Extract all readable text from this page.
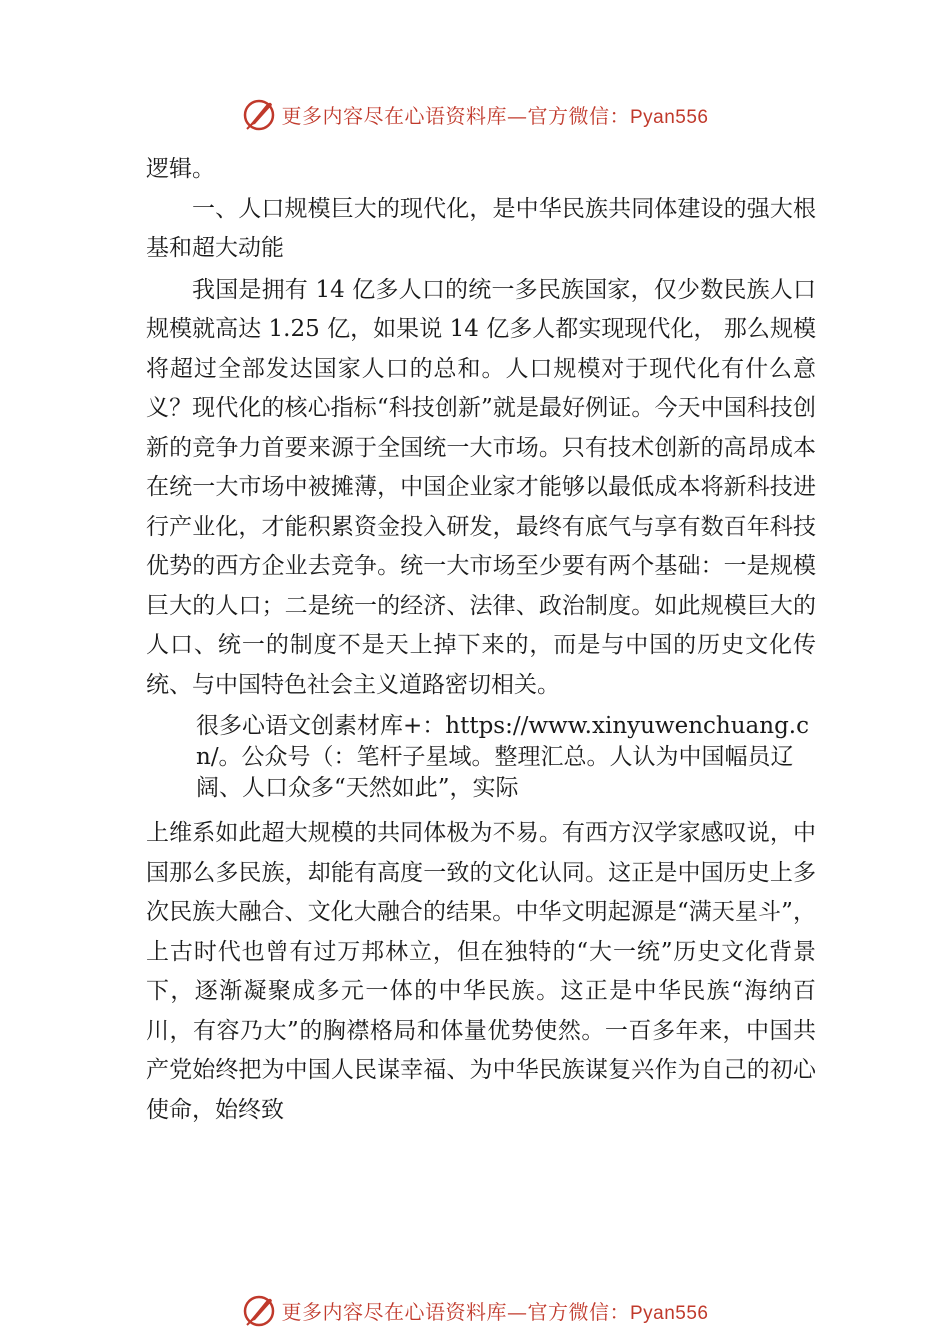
更多内容尽在心语资料库—官方微信：Pyan556

逻辑。

一、人口规模巨大的现代化，是中华民族共同体建设的强大根基和超大动能

我国是拥有 14 亿多人口的统一多民族国家，仅少数民族人口规模就高达 1.25 亿，如果说 14 亿多人都实现现代化， 那么规模将超过全部发达国家人口的总和。人口规模对于现代化有什么意义？现代化的核心指标“科技创新”就是最好例证。今天中国科技创新的竞争力首要来源于全国统一大市场。只有技术创新的高昂成本在统一大市场中被摊薄，中国企业家才能够以最低成本将新科技进行产业化，才能积累资金投入研发，最终有底气与享有数百年科技优势的西方企业去竞争。统一大市场至少要有两个基础：一是规模巨大的人口；二是统一的经济、法律、政治制度。如此规模巨大的人口、统一的制度不是天上掉下来的，而是与中国的历史文化传统、与中国特色社会主义道路密切相关。

很多心语文创素材库+：https://www.xinyuwenchuang.cn/。公众号（：笔杆子星域。整理汇总。人认为中国幅员辽阔、人口众多“天然如此”，实际

上维系如此超大规模的共同体极为不易。有西方汉学家感叹说，中国那么多民族，却能有高度一致的文化认同。这正是中国历史上多次民族大融合、文化大融合的结果。中华文明起源是“满天星斗”，上古时代也曾有过万邦林立，但在独特的“大一统”历史文化背景下，逐渐凝聚成多元一体的中华民族。这正是中华民族“海纳百川，有容乃大”的胸襟格局和体量优势使然。一百多年来，中国共产党始终把为中国人民谋幸福、为中华民族谋复兴作为自己的初心使命，始终致

更多内容尽在心语资料库—官方微信：Pyan556
